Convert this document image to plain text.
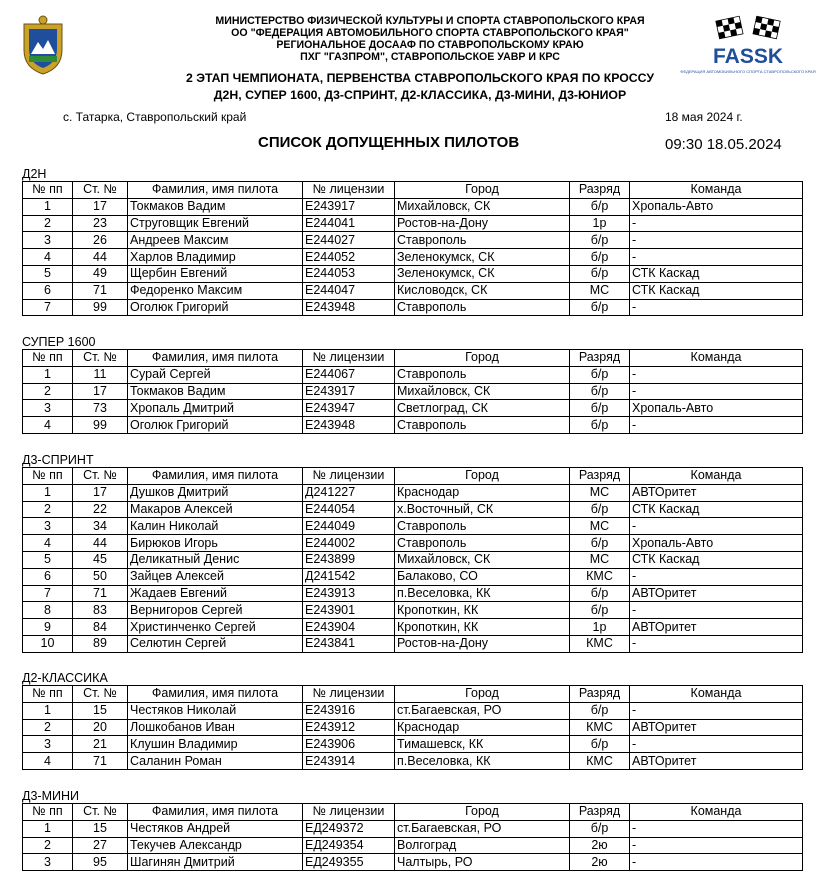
МИНИСТЕРСТВО ФИЗИЧЕСКОЙ КУЛЬТУРЫ И СПОРТА СТАВРОПОЛЬСКОГО КРАЯ
ОО "ФЕДЕРАЦИЯ АВТОМОБИЛЬНОГО СПОРТА СТАВРОПОЛЬСКОГО КРАЯ"
РЕГИОНАЛЬНОЕ ДОСААФ ПО СТАВРОПОЛЬСКОМУ КРАЮ
ПХГ "ГАЗПРОМ", СТАВРОПОЛЬСКОЕ УАВР И КРС
2 ЭТАП ЧЕМПИОНАТА, ПЕРВЕНСТВА СТАВРОПОЛЬСКОГО КРАЯ ПО КРОССУ
Д2Н, СУПЕР 1600, Д3-СПРИНТ, Д2-КЛАССИКА, Д3-МИНИ, Д3-ЮНИОР
FASSK
ФЕДЕРАЦИЯ АВТОМОБИЛЬНОГО СПОРТА СТАВРОПОЛЬСКОГО КРАЯ
с. Татарка, Ставропольский край	18 мая 2024 г.
СПИСОК ДОПУЩЕННЫХ ПИЛОТОВ	09:30 18.05.2024
Д2Н
№ пп	Ст. №	Фамилия, имя пилота	№ лицензии	Город	Разряд	Команда
1	17	Токмаков Вадим	E243917	Михайловск, СК	б/р	Хропаль-Авто
2	23	Струговщик Евгений	E244041	Ростов-на-Дону	1р	-
3	26	Андреев Максим	E244027	Ставрополь	б/р	-
4	44	Харлов Владимир	E244052	Зеленокумск, СК	б/р	-
5	49	Щербин Евгений	E244053	Зеленокумск, СК	б/р	СТК Каскад
6	71	Федоренко Максим	E244047	Кисловодск, СК	МС	СТК Каскад
7	99	Оголюк Григорий	E243948	Ставрополь	б/р	-
СУПЕР 1600
№ пп	Ст. №	Фамилия, имя пилота	№ лицензии	Город	Разряд	Команда
1	11	Сурай Сергей	E244067	Ставрополь	б/р	-
2	17	Токмаков Вадим	E243917	Михайловск, СК	б/р	-
3	73	Хропаль Дмитрий	E243947	Светлоград, СК	б/р	Хропаль-Авто
4	99	Оголюк Григорий	E243948	Ставрополь	б/р	-
Д3-СПРИНТ
№ пп	Ст. №	Фамилия, имя пилота	№ лицензии	Город	Разряд	Команда
1	17	Душков Дмитрий	Д241227	Краснодар	МС	АВТОритет
2	22	Макаров Алексей	E244054	х.Восточный, СК	б/р	СТК Каскад
3	34	Калин Николай	E244049	Ставрополь	МС	-
4	44	Бирюков Игорь	E244002	Ставрополь	б/р	Хропаль-Авто
5	45	Деликатный Денис	E243899	Михайловск, СК	МС	СТК Каскад
6	50	Зайцев Алексей	Д241542	Балаково, СО	КМС	-
7	71	Жадаев Евгений	E243913	п.Веселовка, КК	б/р	АВТОритет
8	83	Вернигоров Сергей	E243901	Кропоткин, КК	б/р	-
9	84	Христинченко Сергей	E243904	Кропоткин, КК	1р	АВТОритет
10	89	Селютин Сергей	E243841	Ростов-на-Дону	КМС	-
Д2-КЛАССИКА
№ пп	Ст. №	Фамилия, имя пилота	№ лицензии	Город	Разряд	Команда
1	15	Честяков Николай	E243916	ст.Багаевская, РО	б/р	-
2	20	Лошкобанов Иван	E243912	Краснодар	КМС	АВТОритет
3	21	Клушин Владимир	E243906	Тимашевск, КК	б/р	-
4	71	Саланин Роман	E243914	п.Веселовка, КК	КМС	АВТОритет
Д3-МИНИ
№ пп	Ст. №	Фамилия, имя пилота	№ лицензии	Город	Разряд	Команда
1	15	Честяков Андрей	ЕД249372	ст.Багаевская, РО	б/р	-
2	27	Текучев Александр	ЕД249354	Волгоград	2ю	-
3	95	Шагинян Дмитрий	ЕД249355	Чалтырь, РО	2ю	-
